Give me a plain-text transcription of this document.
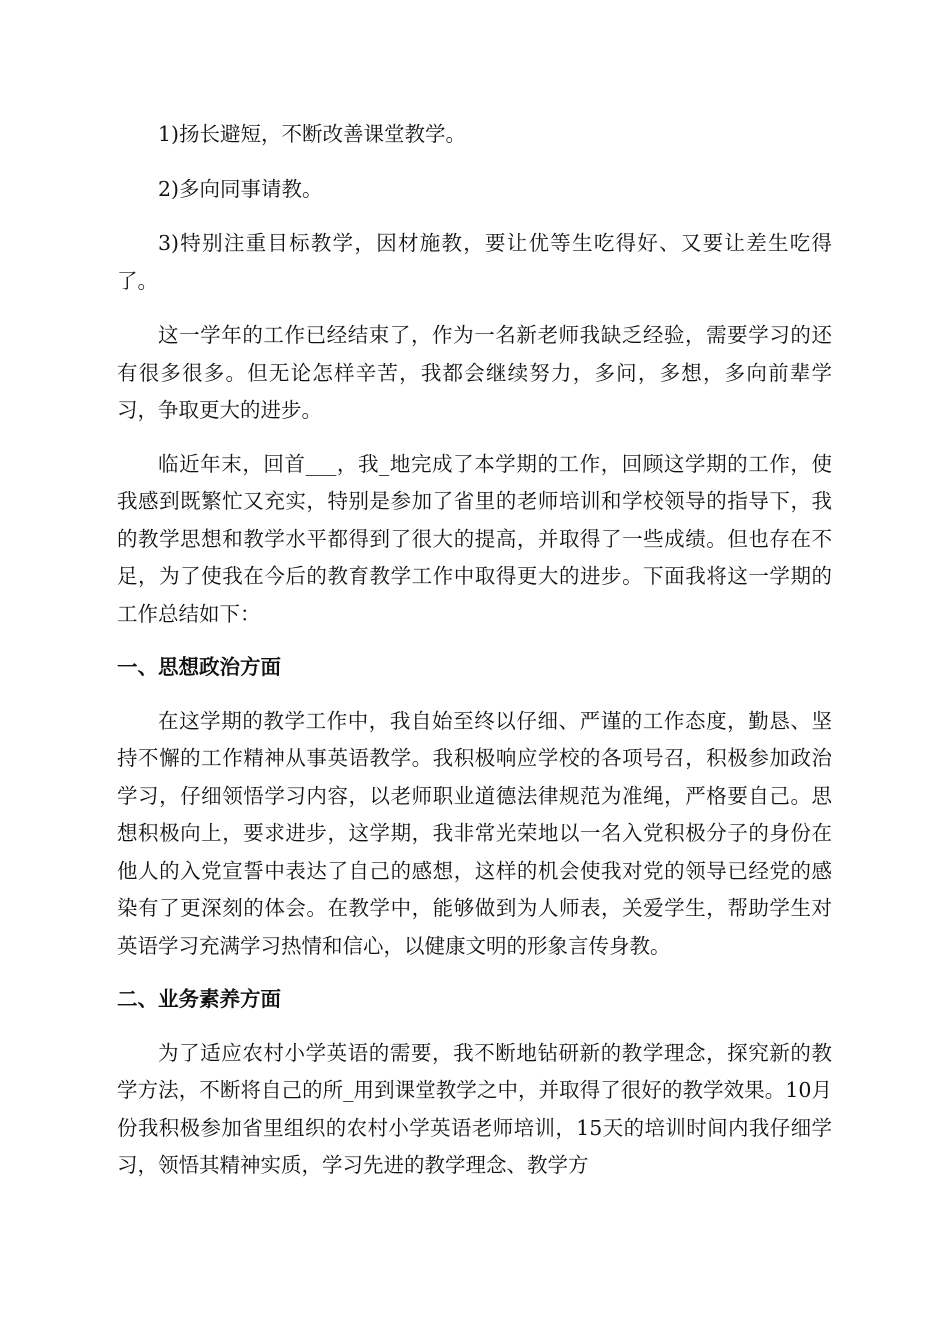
1)扬长避短，不断改善课堂教学。

2)多向同事请教。

3)特别注重目标教学，因材施教，要让优等生吃得好、又要让差生吃得了。

这一学年的工作已经结束了，作为一名新老师我缺乏经验，需要学习的还有很多很多。但无论怎样辛苦，我都会继续努力，多问，多想，多向前辈学习，争取更大的进步。

临近年末，回首___，我_地完成了本学期的工作，回顾这学期的工作，使我感到既繁忙又充实，特别是参加了省里的老师培训和学校领导的指导下，我的教学思想和教学水平都得到了很大的提高，并取得了一些成绩。但也存在不足，为了使我在今后的教育教学工作中取得更大的进步。下面我将这一学期的工作总结如下：

一、思想政治方面

在这学期的教学工作中，我自始至终以仔细、严谨的工作态度，勤恳、坚持不懈的工作精神从事英语教学。我积极响应学校的各项号召，积极参加政治学习，仔细领悟学习内容，以老师职业道德法律规范为准绳，严格要自己。思想积极向上，要求进步，这学期，我非常光荣地以一名入党积极分子的身份在他人的入党宣誓中表达了自己的感想，这样的机会使我对党的领导已经党的感染有了更深刻的体会。在教学中，能够做到为人师表，关爱学生，帮助学生对英语学习充满学习热情和信心，以健康文明的形象言传身教。

二、业务素养方面

为了适应农村小学英语的需要，我不断地钻研新的教学理念，探究新的教学方法，不断将自己的所_用到课堂教学之中，并取得了很好的教学效果。10月份我积极参加省里组织的农村小学英语老师培训，15天的培训时间内我仔细学习，领悟其精神实质，学习先进的教学理念、教学方
